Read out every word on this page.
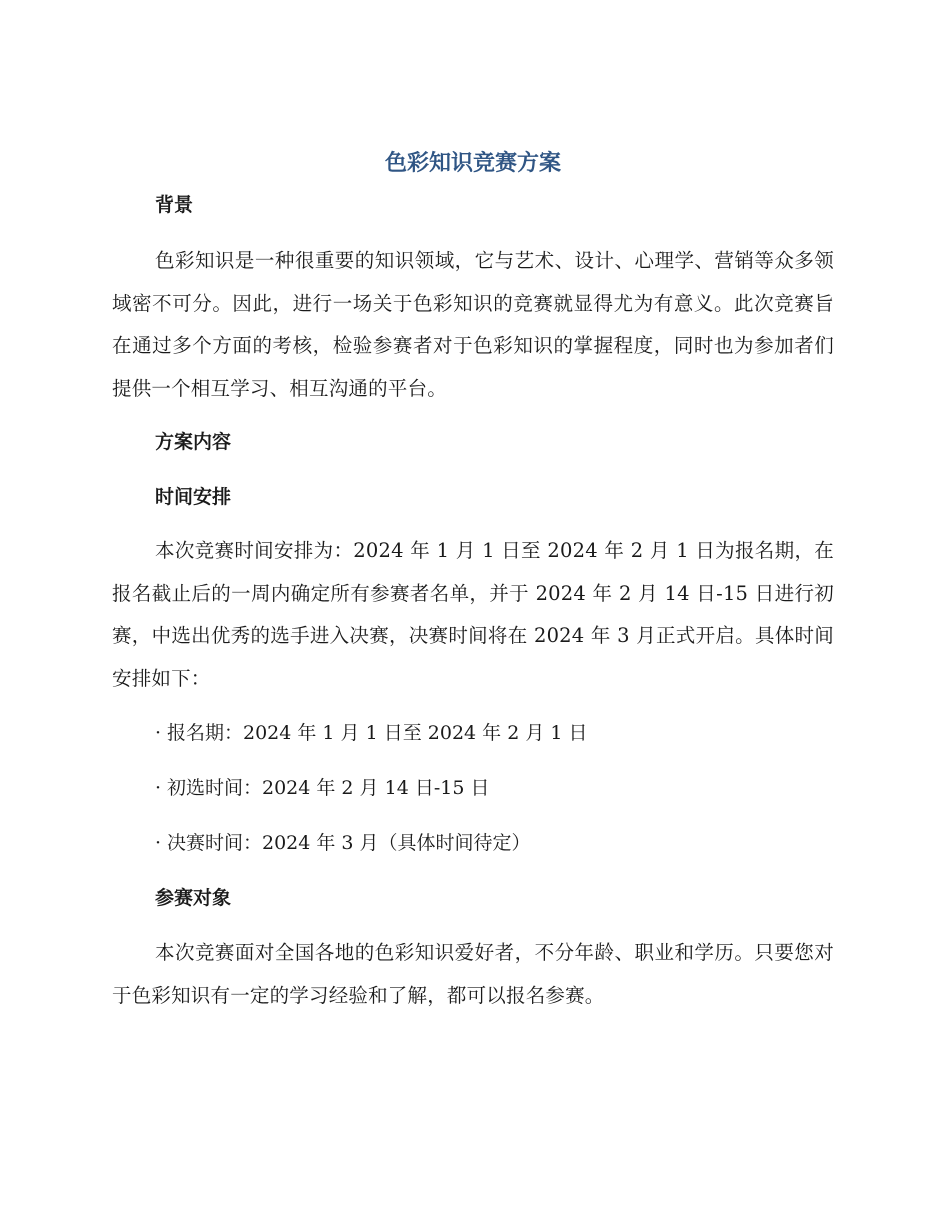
色彩知识竞赛方案
背景

色彩知识是一种很重要的知识领域，它与艺术、设计、心理学、营销等众多领域密不可分。因此，进行一场关于色彩知识的竞赛就显得尤为有意义。此次竞赛旨在通过多个方面的考核，检验参赛者对于色彩知识的掌握程度，同时也为参加者们提供一个相互学习、相互沟通的平台。

方案内容
时间安排

本次竞赛时间安排为：2024 年 1 月 1 日至 2024 年 2 月 1 日为报名期，在报名截止后的一周内确定所有参赛者名单，并于 2024 年 2 月 14 日-15 日进行初赛，中选出优秀的选手进入决赛，决赛时间将在 2024 年 3 月正式开启。具体时间安排如下：

· 报名期：2024 年 1 月 1 日至 2024 年 2 月 1 日

· 初选时间：2024 年 2 月 14 日-15 日

· 决赛时间：2024 年 3 月（具体时间待定）

参赛对象

本次竞赛面对全国各地的色彩知识爱好者，不分年龄、职业和学历。只要您对于色彩知识有一定的学习经验和了解，都可以报名参赛。
